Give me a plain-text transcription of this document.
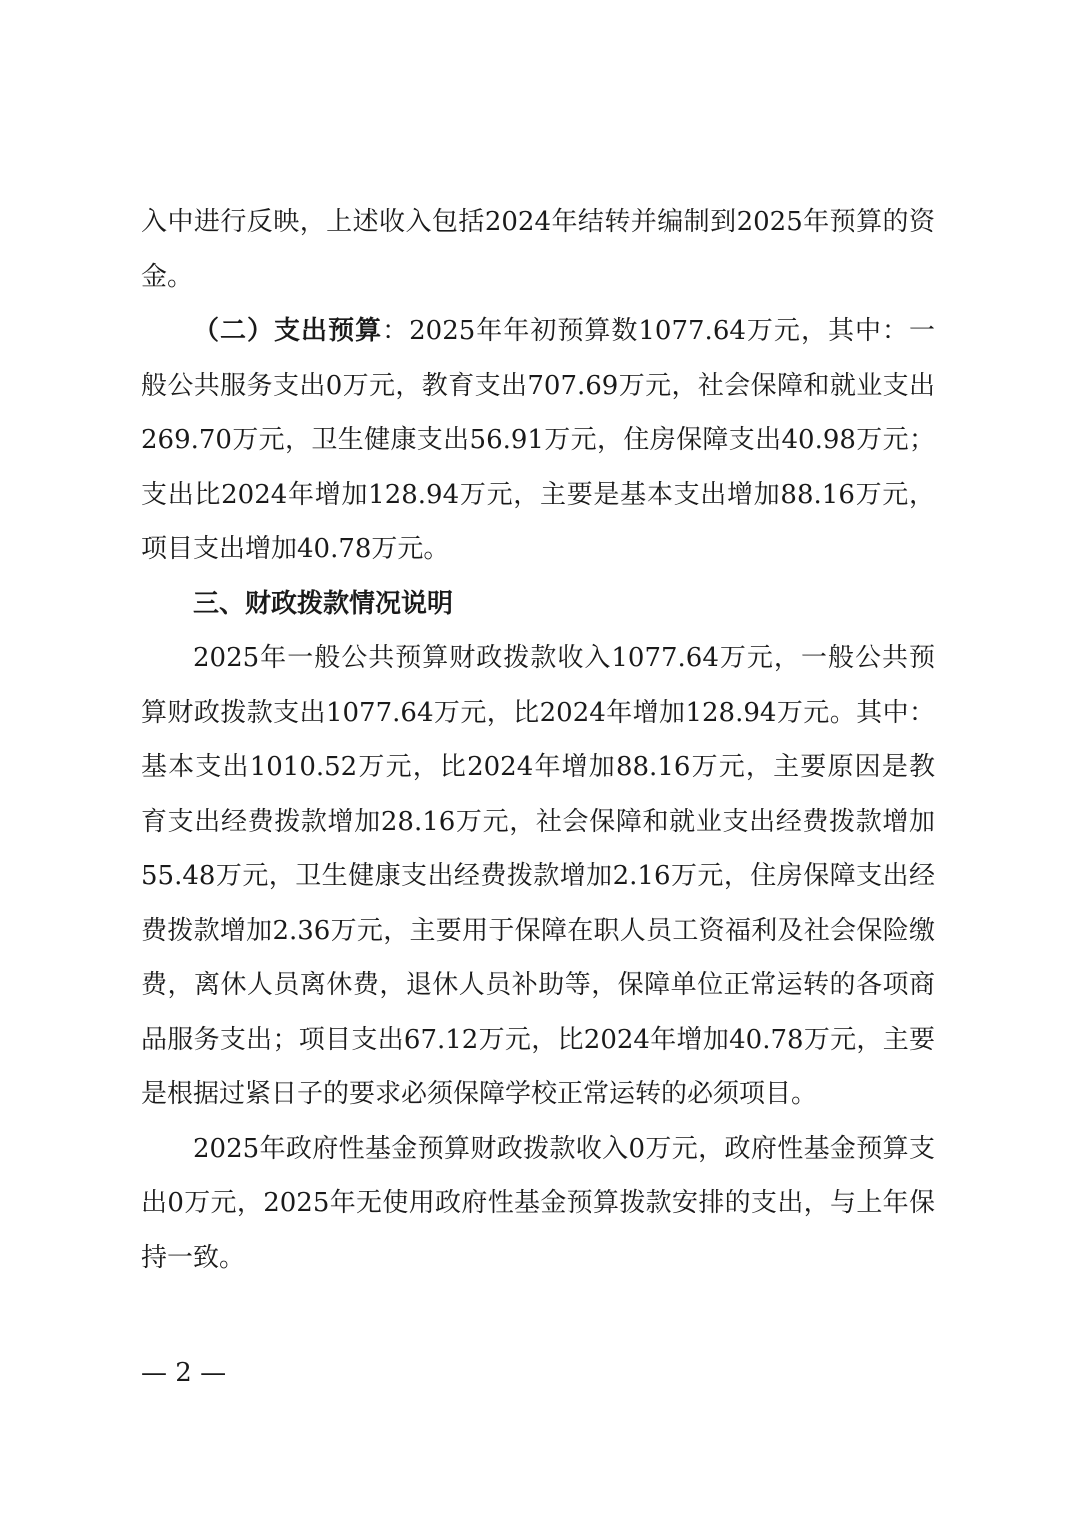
入中进行反映，上述收入包括2024年结转并编制到2025年预算的资金。

（二）支出预算：2025年年初预算数1077.64万元，其中：一般公共服务支出0万元，教育支出707.69万元，社会保障和就业支出269.70万元，卫生健康支出56.91万元，住房保障支出40.98万元；支出比2024年增加128.94万元，主要是基本支出增加88.16万元，项目支出增加40.78万元。

三、财政拨款情况说明

2025年一般公共预算财政拨款收入1077.64万元，一般公共预算财政拨款支出1077.64万元，比2024年增加128.94万元。其中：基本支出1010.52万元，比2024年增加88.16万元，主要原因是教育支出经费拨款增加28.16万元，社会保障和就业支出经费拨款增加55.48万元，卫生健康支出经费拨款增加2.16万元，住房保障支出经费拨款增加2.36万元，主要用于保障在职人员工资福利及社会保险缴费，离休人员离休费，退休人员补助等，保障单位正常运转的各项商品服务支出；项目支出67.12万元，比2024年增加40.78万元，主要是根据过紧日子的要求必须保障学校正常运转的必须项目。

2025年政府性基金预算财政拨款收入0万元，政府性基金预算支出0万元，2025年无使用政府性基金预算拨款安排的支出，与上年保持一致。

— 2 —
